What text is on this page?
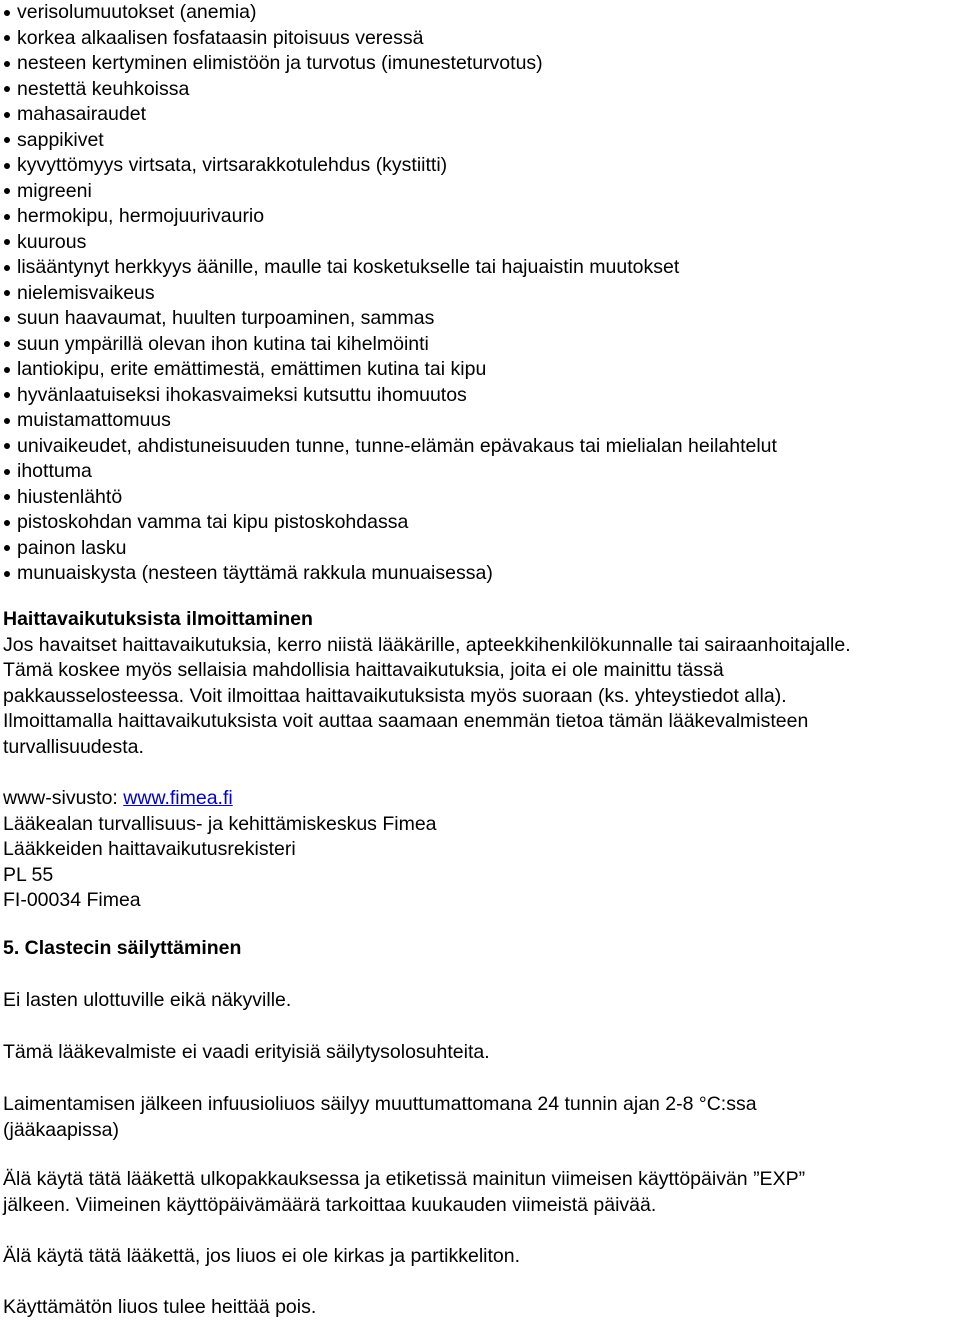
verisolumuutokset (anemia)
korkea alkaalisen fosfataasin pitoisuus veressä
nesteen kertyminen elimistöön ja turvotus (imunesteturvotus)
nestettä keuhkoissa
mahasairaudet
sappikivet
kyvyttömyys virtsata, virtsarakkotulehdus (kystiitti)
migreeni
hermokipu, hermojuurivaurio
kuurous
lisääntynyt herkkyys äänille, maulle tai kosketukselle tai hajuaistin muutokset
nielemisvaikeus
suun haavaumat, huulten turpoaminen, sammas
suun ympärillä olevan ihon kutina tai kihelmöinti
lantiokipu, erite emättimestä, emättimen kutina tai kipu
hyvänlaatuiseksi ihokasvaimeksi kutsuttu ihomuutos
muistamattomuus
univaikeudet, ahdistuneisuuden tunne, tunne-elämän epävakaus tai mielialan heilahtelut
ihottuma
hiustenlähtö
pistoskohdan vamma tai kipu pistoskohdassa
painon lasku
munuaiskysta (nesteen täyttämä rakkula munuaisessa)
Haittavaikutuksista ilmoittaminen
Jos havaitset haittavaikutuksia, kerro niistä lääkärille, apteekkihenkilökunnalle tai sairaanhoitajalle.
Tämä koskee myös sellaisia mahdollisia haittavaikutuksia, joita ei ole mainittu tässä
pakkausselosteessa. Voit ilmoittaa haittavaikutuksista myös suoraan (ks. yhteystiedot alla).
Ilmoittamalla haittavaikutuksista voit auttaa saamaan enemmän tietoa tämän lääkevalmisteen
turvallisuudesta.
www-sivusto: www.fimea.fi
Lääkealan turvallisuus- ja kehittämiskeskus Fimea
Lääkkeiden haittavaikutusrekisteri
PL 55
FI-00034 Fimea
5. Clastecin säilyttäminen
Ei lasten ulottuville eikä näkyville.
Tämä lääkevalmiste ei vaadi erityisiä säilytysolosuhteita.
Laimentamisen jälkeen infuusioliuos säilyy muuttumattomana 24 tunnin ajan 2-8 °C:ssa
(jääkaapissa)
Älä käytä tätä lääkettä ulkopakkauksessa ja etiketissä mainitun viimeisen käyttöpäivän ”EXP”
jälkeen. Viimeinen käyttöpäivämäärä tarkoittaa kuukauden viimeistä päivää.
Älä käytä tätä lääkettä, jos liuos ei ole kirkas ja partikkeliton.
Käyttämätön liuos tulee heittää pois.
